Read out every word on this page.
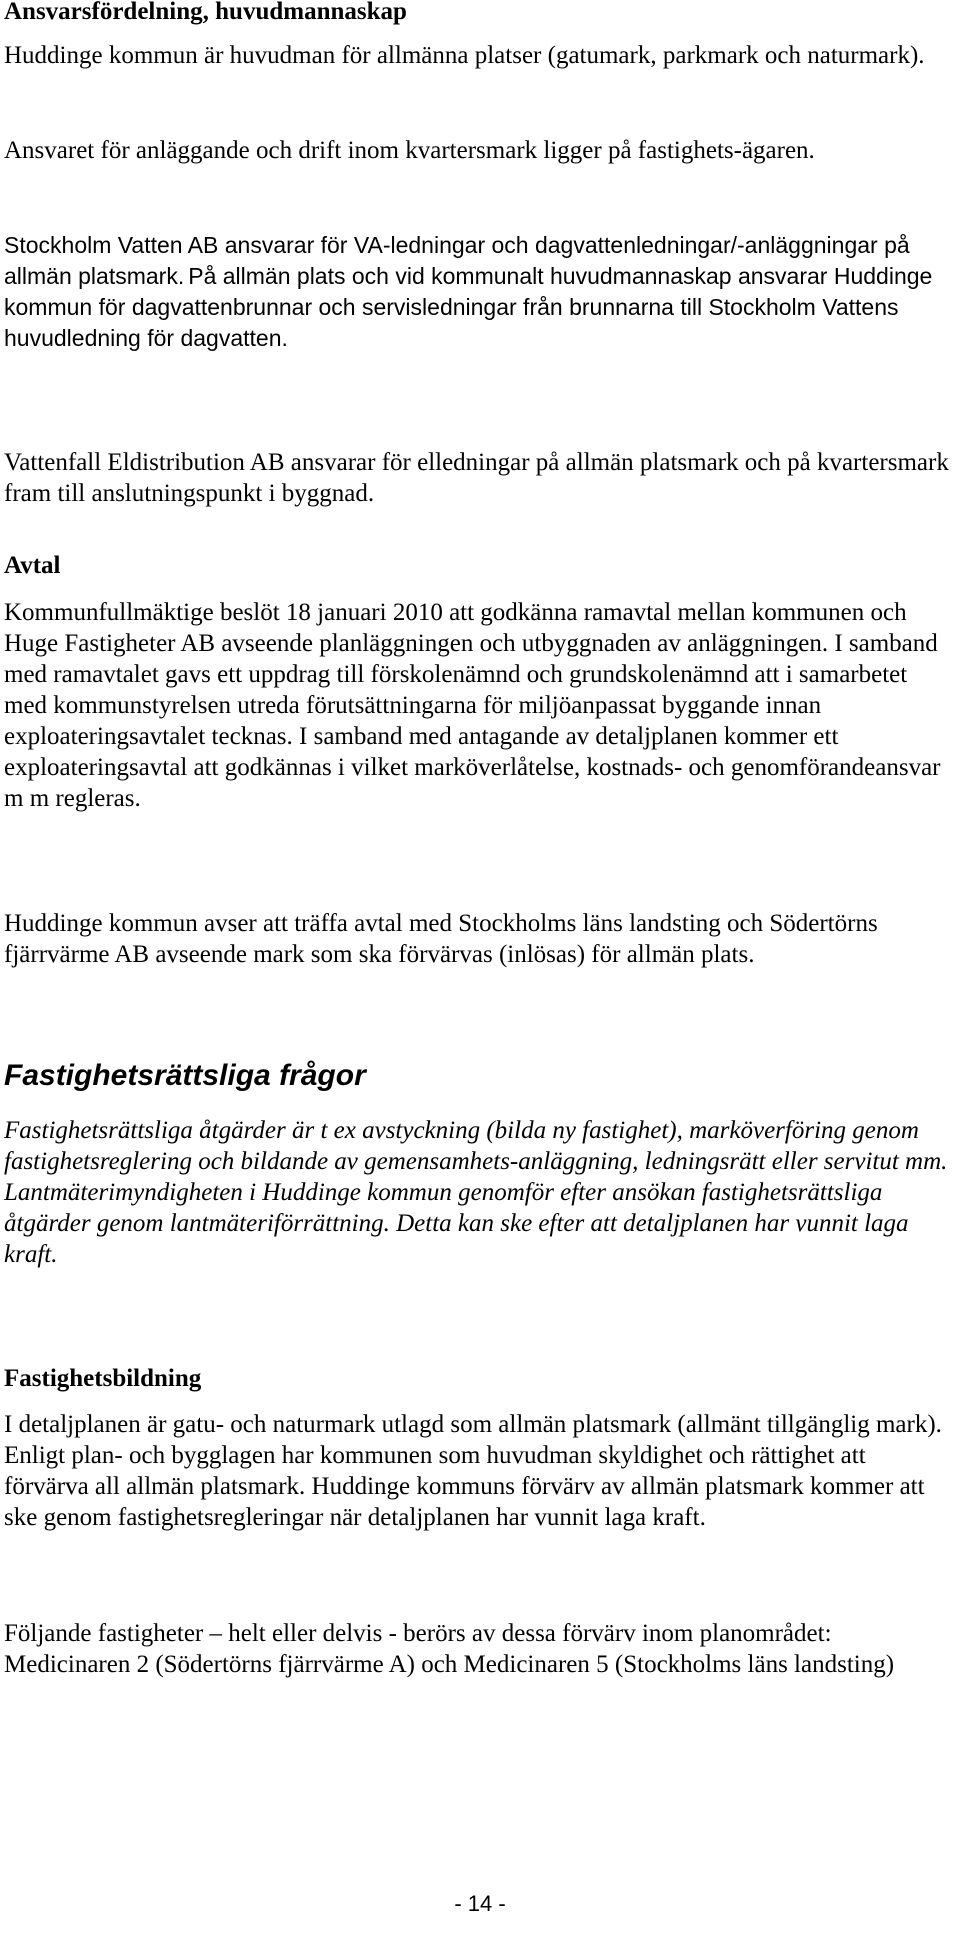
Ansvarsfördelning, huvudmannaskap

Huddinge kommun är huvudman för allmänna platser (gatumark, parkmark och naturmark).

Ansvaret för anläggande och drift inom kvartersmark ligger på fastighets-ägaren.

Stockholm Vatten AB ansvarar för VA-ledningar och dagvattenledningar/-anläggningar på allmän platsmark. På allmän plats och vid kommunalt huvudmannaskap ansvarar Huddinge kommun för dagvattenbrunnar och servisledningar från brunnarna till Stockholm Vattens huvudledning för dagvatten.

Vattenfall Eldistribution AB ansvarar för elledningar på allmän platsmark och på kvartersmark fram till anslutningspunkt i byggnad.

Avtal

Kommunfullmäktige beslöt 18 januari 2010 att godkänna ramavtal mellan kommunen och Huge Fastigheter AB avseende planläggningen och utbyggnaden av anläggningen. I samband med ramavtalet gavs ett uppdrag till förskolenämnd och grundskolenämnd att i samarbetet med kommunstyrelsen utreda förutsättningarna för miljöanpassat byggande innan exploateringsavtalet tecknas. I samband med antagande av detaljplanen kommer ett exploateringsavtal att godkännas i vilket marköverlåtelse, kostnads- och genomförandeansvar m m regleras.

Huddinge kommun avser att träffa avtal med Stockholms läns landsting och Södertörns fjärrvärme AB avseende mark som ska förvärvas (inlösas) för allmän plats.

Fastighetsrättsliga frågor

Fastighetsrättsliga åtgärder är t ex avstyckning (bilda ny fastighet), marköverföring genom fastighetsreglering och bildande av gemensamhets-anläggning, ledningsrätt eller servitut mm. Lantmäterimyndigheten i Huddinge kommun genomför efter ansökan fastighetsrättsliga åtgärder genom lantmäteriförrättning. Detta kan ske efter att detaljplanen har vunnit laga kraft.

Fastighetsbildning

I detaljplanen är gatu- och naturmark utlagd som allmän platsmark (allmänt tillgänglig mark). Enligt plan- och bygglagen har kommunen som huvudman skyldighet och rättighet att förvärva all allmän platsmark. Huddinge kommuns förvärv av allmän platsmark kommer att ske genom fastighetsregleringar när detaljplanen har vunnit laga kraft.

Följande fastigheter – helt eller delvis - berörs av dessa förvärv inom planområdet: Medicinaren 2 (Södertörns fjärrvärme A) och Medicinaren 5 (Stockholms läns landsting)

- 14 -
